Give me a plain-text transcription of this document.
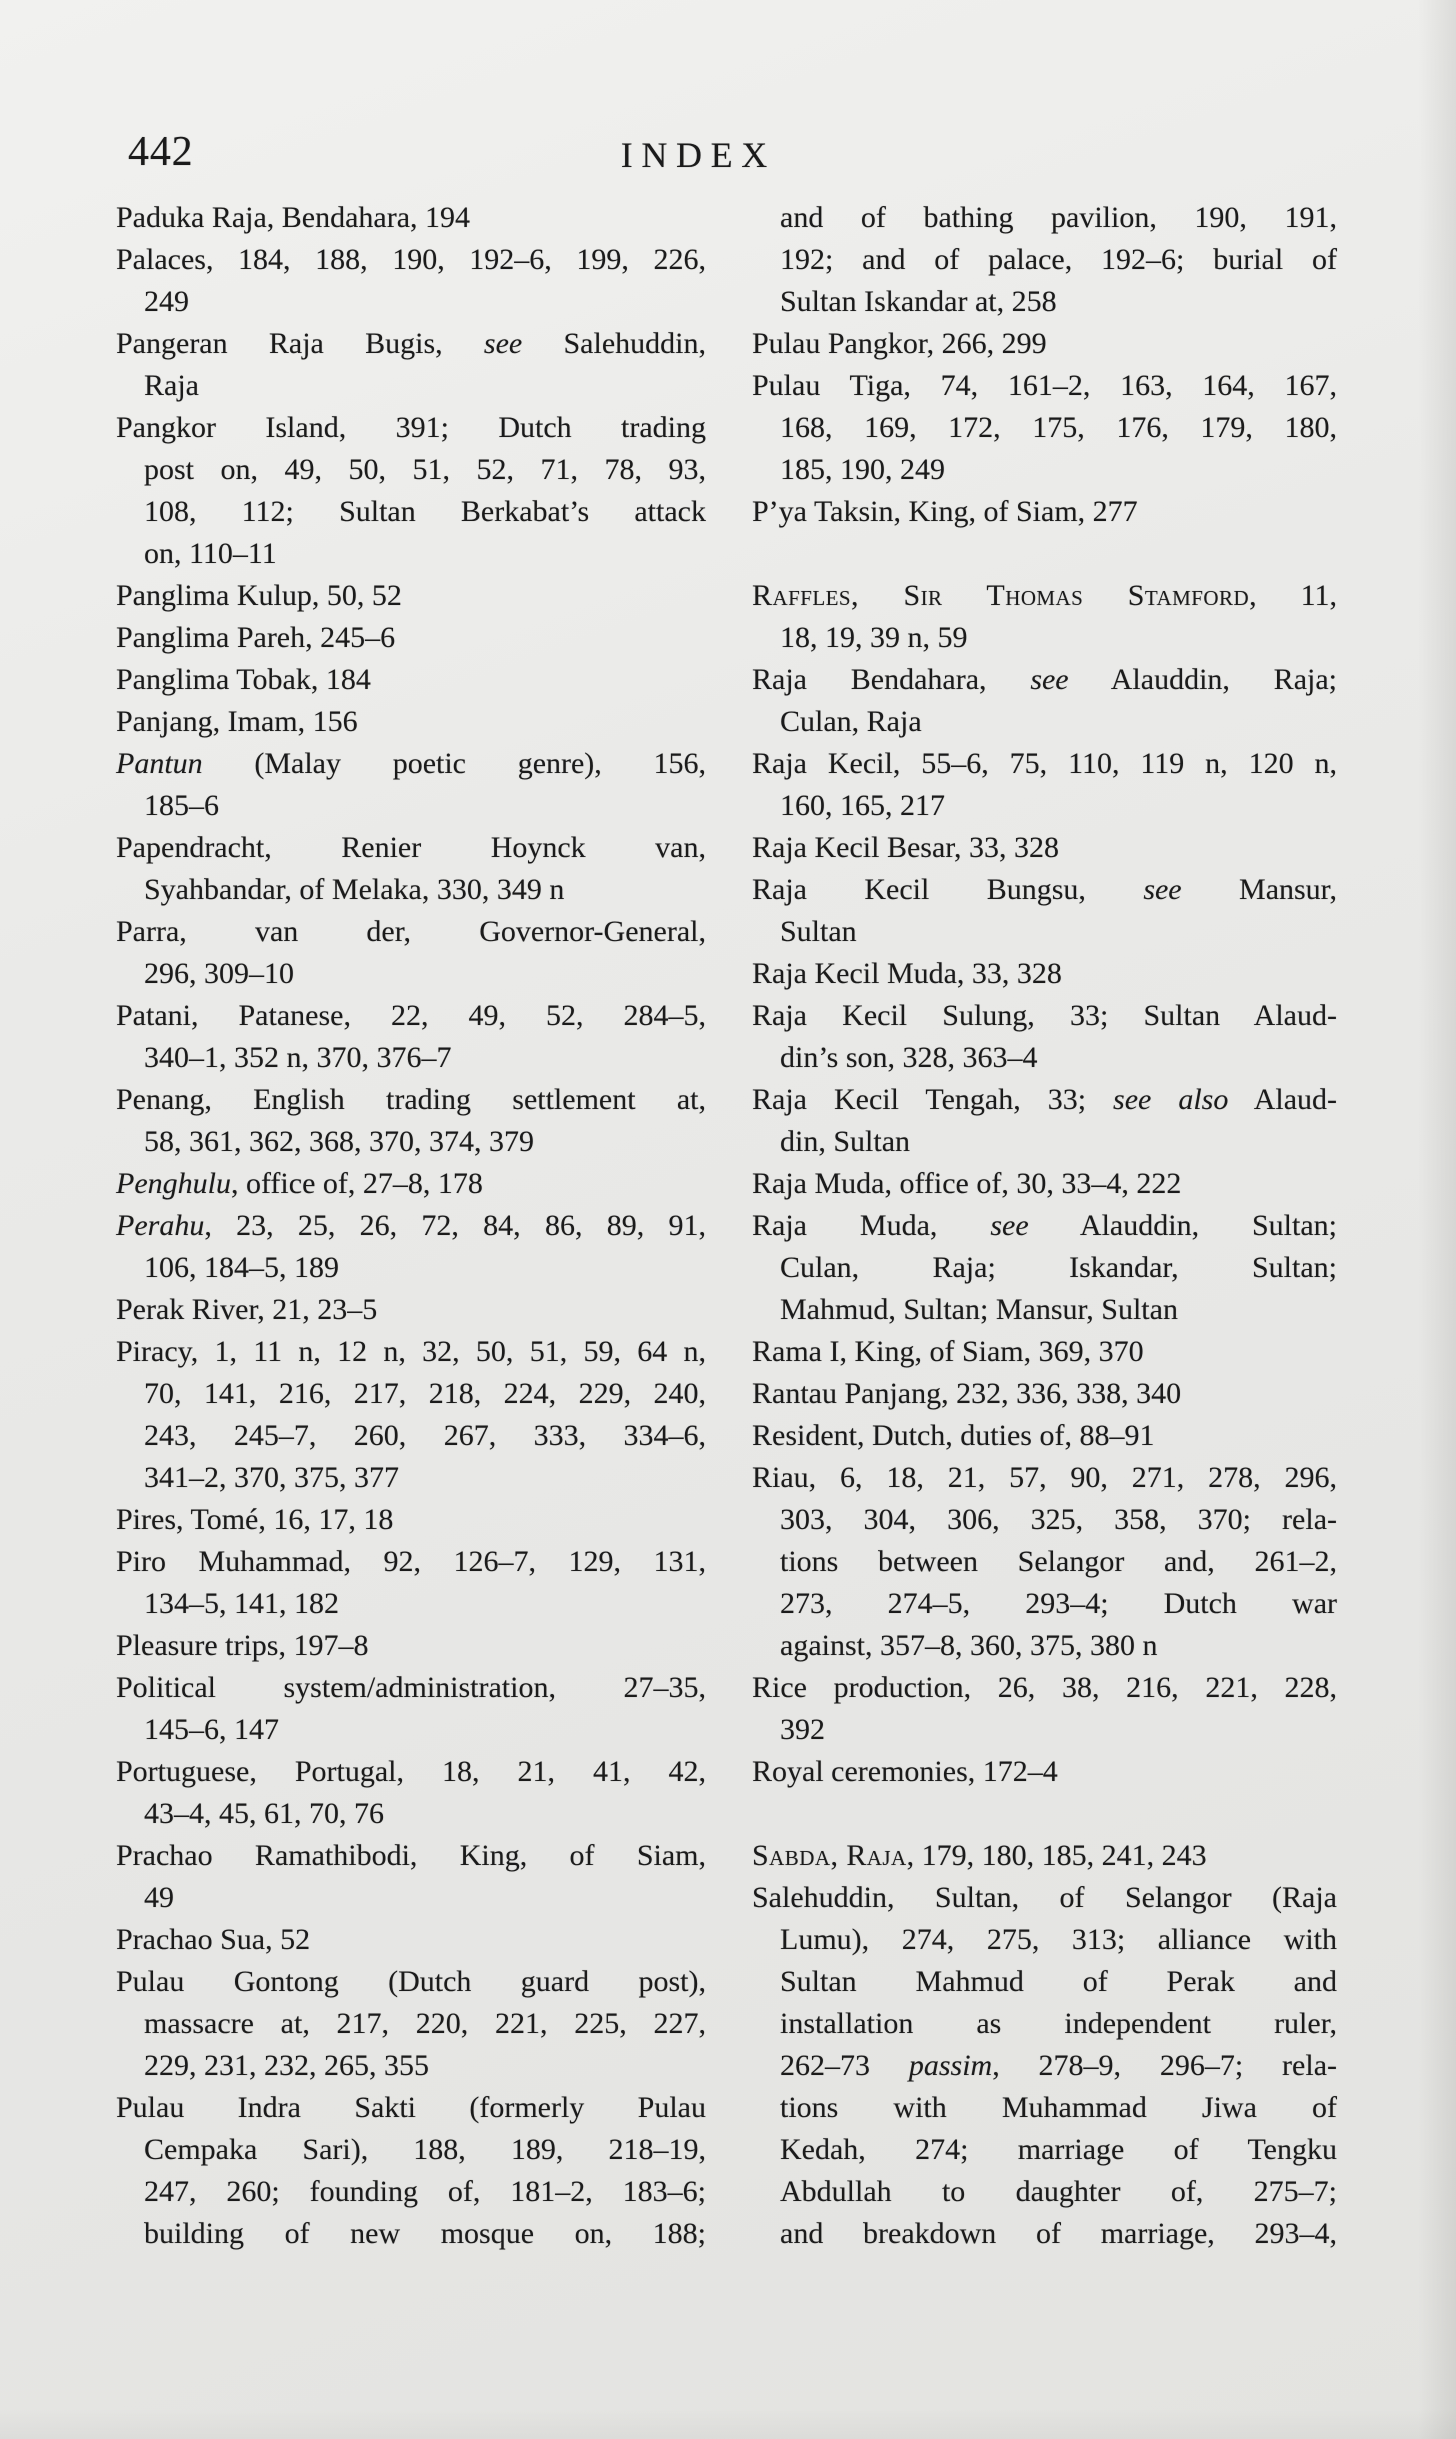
442	INDEX
Paduka Raja, Bendahara, 194
Palaces, 184, 188, 190, 192–6, 199, 226,
249
Pangeran Raja Bugis, see Salehuddin,
Raja
Pangkor Island, 391; Dutch trading
post on, 49, 50, 51, 52, 71, 78, 93,
108, 112; Sultan Berkabat’s attack
on, 110–11
Panglima Kulup, 50, 52
Panglima Pareh, 245–6
Panglima Tobak, 184
Panjang, Imam, 156
Pantun (Malay poetic genre), 156,
185–6
Papendracht, Renier Hoynck van,
Syahbandar, of Melaka, 330, 349 n
Parra, van der, Governor-General,
296, 309–10
Patani, Patanese, 22, 49, 52, 284–5,
340–1, 352 n, 370, 376–7
Penang, English trading settlement at,
58, 361, 362, 368, 370, 374, 379
Penghulu, office of, 27–8, 178
Perahu, 23, 25, 26, 72, 84, 86, 89, 91,
106, 184–5, 189
Perak River, 21, 23–5
Piracy, 1, 11 n, 12 n, 32, 50, 51, 59, 64 n,
70, 141, 216, 217, 218, 224, 229, 240,
243, 245–7, 260, 267, 333, 334–6,
341–2, 370, 375, 377
Pires, Tomé, 16, 17, 18
Piro Muhammad, 92, 126–7, 129, 131,
134–5, 141, 182
Pleasure trips, 197–8
Political system/administration, 27–35,
145–6, 147
Portuguese, Portugal, 18, 21, 41, 42,
43–4, 45, 61, 70, 76
Prachao Ramathibodi, King, of Siam,
49
Prachao Sua, 52
Pulau Gontong (Dutch guard post),
massacre at, 217, 220, 221, 225, 227,
229, 231, 232, 265, 355
Pulau Indra Sakti (formerly Pulau
Cempaka Sari), 188, 189, 218–19,
247, 260; founding of, 181–2, 183–6;
building of new mosque on, 188;
and of bathing pavilion, 190, 191,
192; and of palace, 192–6; burial of
Sultan Iskandar at, 258
Pulau Pangkor, 266, 299
Pulau Tiga, 74, 161–2, 163, 164, 167,
168, 169, 172, 175, 176, 179, 180,
185, 190, 249
P’ya Taksin, King, of Siam, 277
Raffles, Sir Thomas Stamford, 11,
18, 19, 39 n, 59
Raja Bendahara, see Alauddin, Raja;
Culan, Raja
Raja Kecil, 55–6, 75, 110, 119 n, 120 n,
160, 165, 217
Raja Kecil Besar, 33, 328
Raja Kecil Bungsu, see Mansur,
Sultan
Raja Kecil Muda, 33, 328
Raja Kecil Sulung, 33; Sultan Alaud-
din’s son, 328, 363–4
Raja Kecil Tengah, 33; see also Alaud-
din, Sultan
Raja Muda, office of, 30, 33–4, 222
Raja Muda, see Alauddin, Sultan;
Culan, Raja; Iskandar, Sultan;
Mahmud, Sultan; Mansur, Sultan
Rama I, King, of Siam, 369, 370
Rantau Panjang, 232, 336, 338, 340
Resident, Dutch, duties of, 88–91
Riau, 6, 18, 21, 57, 90, 271, 278, 296,
303, 304, 306, 325, 358, 370; rela-
tions between Selangor and, 261–2,
273, 274–5, 293–4; Dutch war
against, 357–8, 360, 375, 380 n
Rice production, 26, 38, 216, 221, 228,
392
Royal ceremonies, 172–4
Sabda, Raja, 179, 180, 185, 241, 243
Salehuddin, Sultan, of Selangor (Raja
Lumu), 274, 275, 313; alliance with
Sultan Mahmud of Perak and
installation as independent ruler,
262–73 passim, 278–9, 296–7; rela-
tions with Muhammad Jiwa of
Kedah, 274; marriage of Tengku
Abdullah to daughter of, 275–7;
and breakdown of marriage, 293–4,
